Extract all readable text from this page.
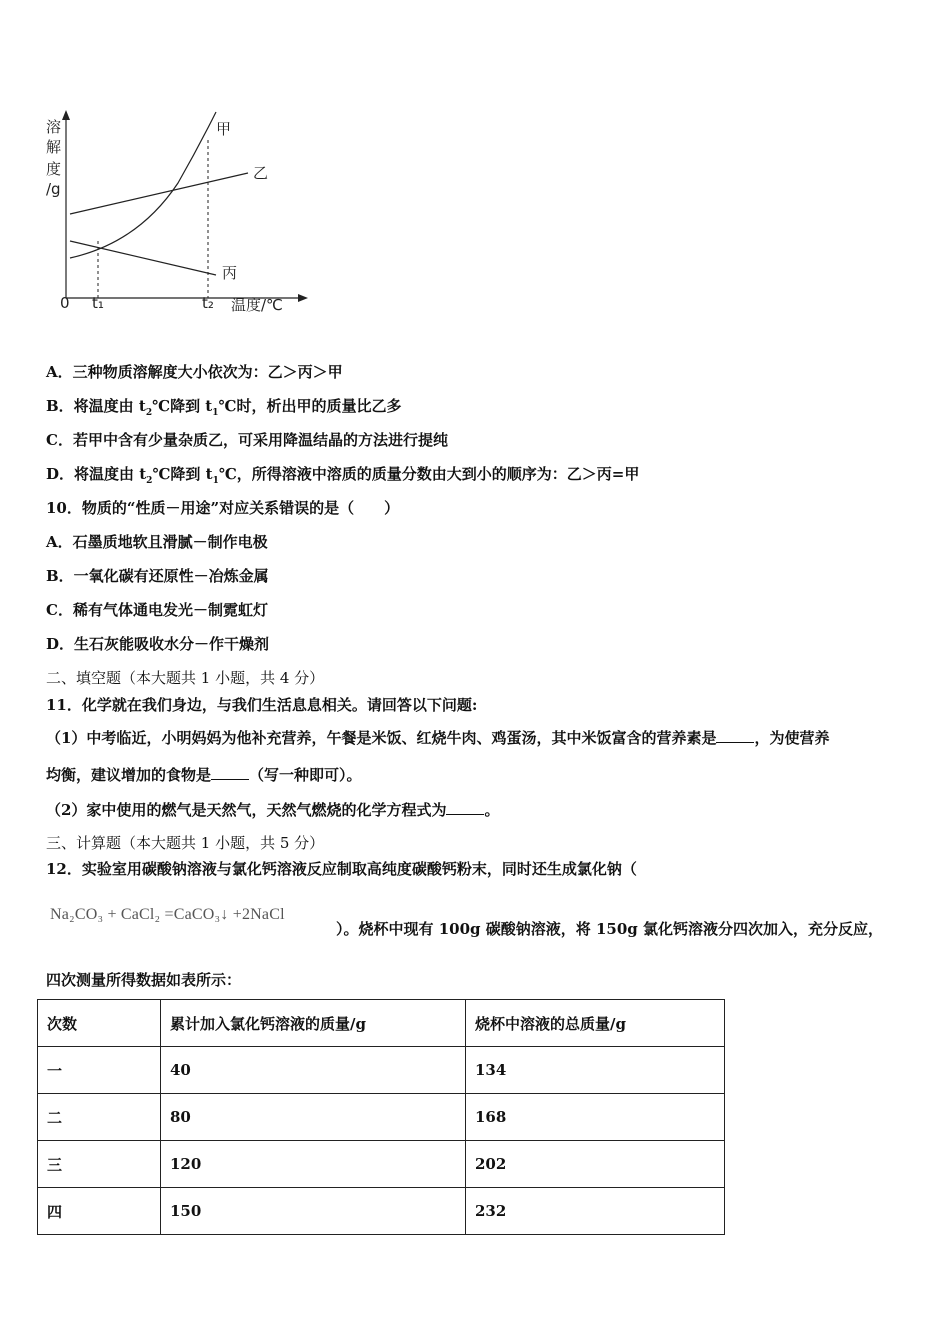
溶
解
度
/g
甲
乙
丙
0 t₁	t₂ 温度/℃
A．三种物质溶解度大小依次为：乙＞丙＞甲
B．将温度由 $t_2℃$降到 $t_1℃$时，析出甲的质量比乙多
C．若甲中含有少量杂质乙，可采用降温结晶的方法进行提纯
D．将温度由 $t_2℃$降到 $t_1℃$，所得溶液中溶质的质量分数由大到小的顺序为：乙＞丙=甲
10．物质的“性质－用途”对应关系错误的是（　　）
A．石墨质地软且滑腻－制作电极
B．一氧化碳有还原性－冶炼金属
C．稀有气体通电发光－制霓虹灯
D．生石灰能吸收水分－作干燥剂
二、填空题（本大题共 1 小题，共 4 分）
11．化学就在我们身边，与我们生活息息相关。请回答以下问题:
（1）中考临近，小明妈妈为他补充营养，午餐是米饭、红烧牛肉、鸡蛋汤，其中米饭富含的营养素是	，为使营养
均衡，建议增加的食物是	（写一种即可）。
（2）家中使用的燃气是天然气，天然气燃烧的化学方程式为	。
三、计算题（本大题共 1 小题，共 5 分）
12．实验室用碳酸钠溶液与氯化钙溶液反应制取高纯度碳酸钙粉末，同时还生成氯化钠（
Na₂CO₃ + CaCl₂ =CaCO₃↓ +2NaCl
）。烧杯中现有 100g 碳酸钠溶液，将 150g 氯化钙溶液分四次加入，充分反应，
四次测量所得数据如表所示：
次数	累计加入氯化钙溶液的质量/g	烧杯中溶液的总质量/g
一	40	134
二	80	168
三	120	202
四	150	232
